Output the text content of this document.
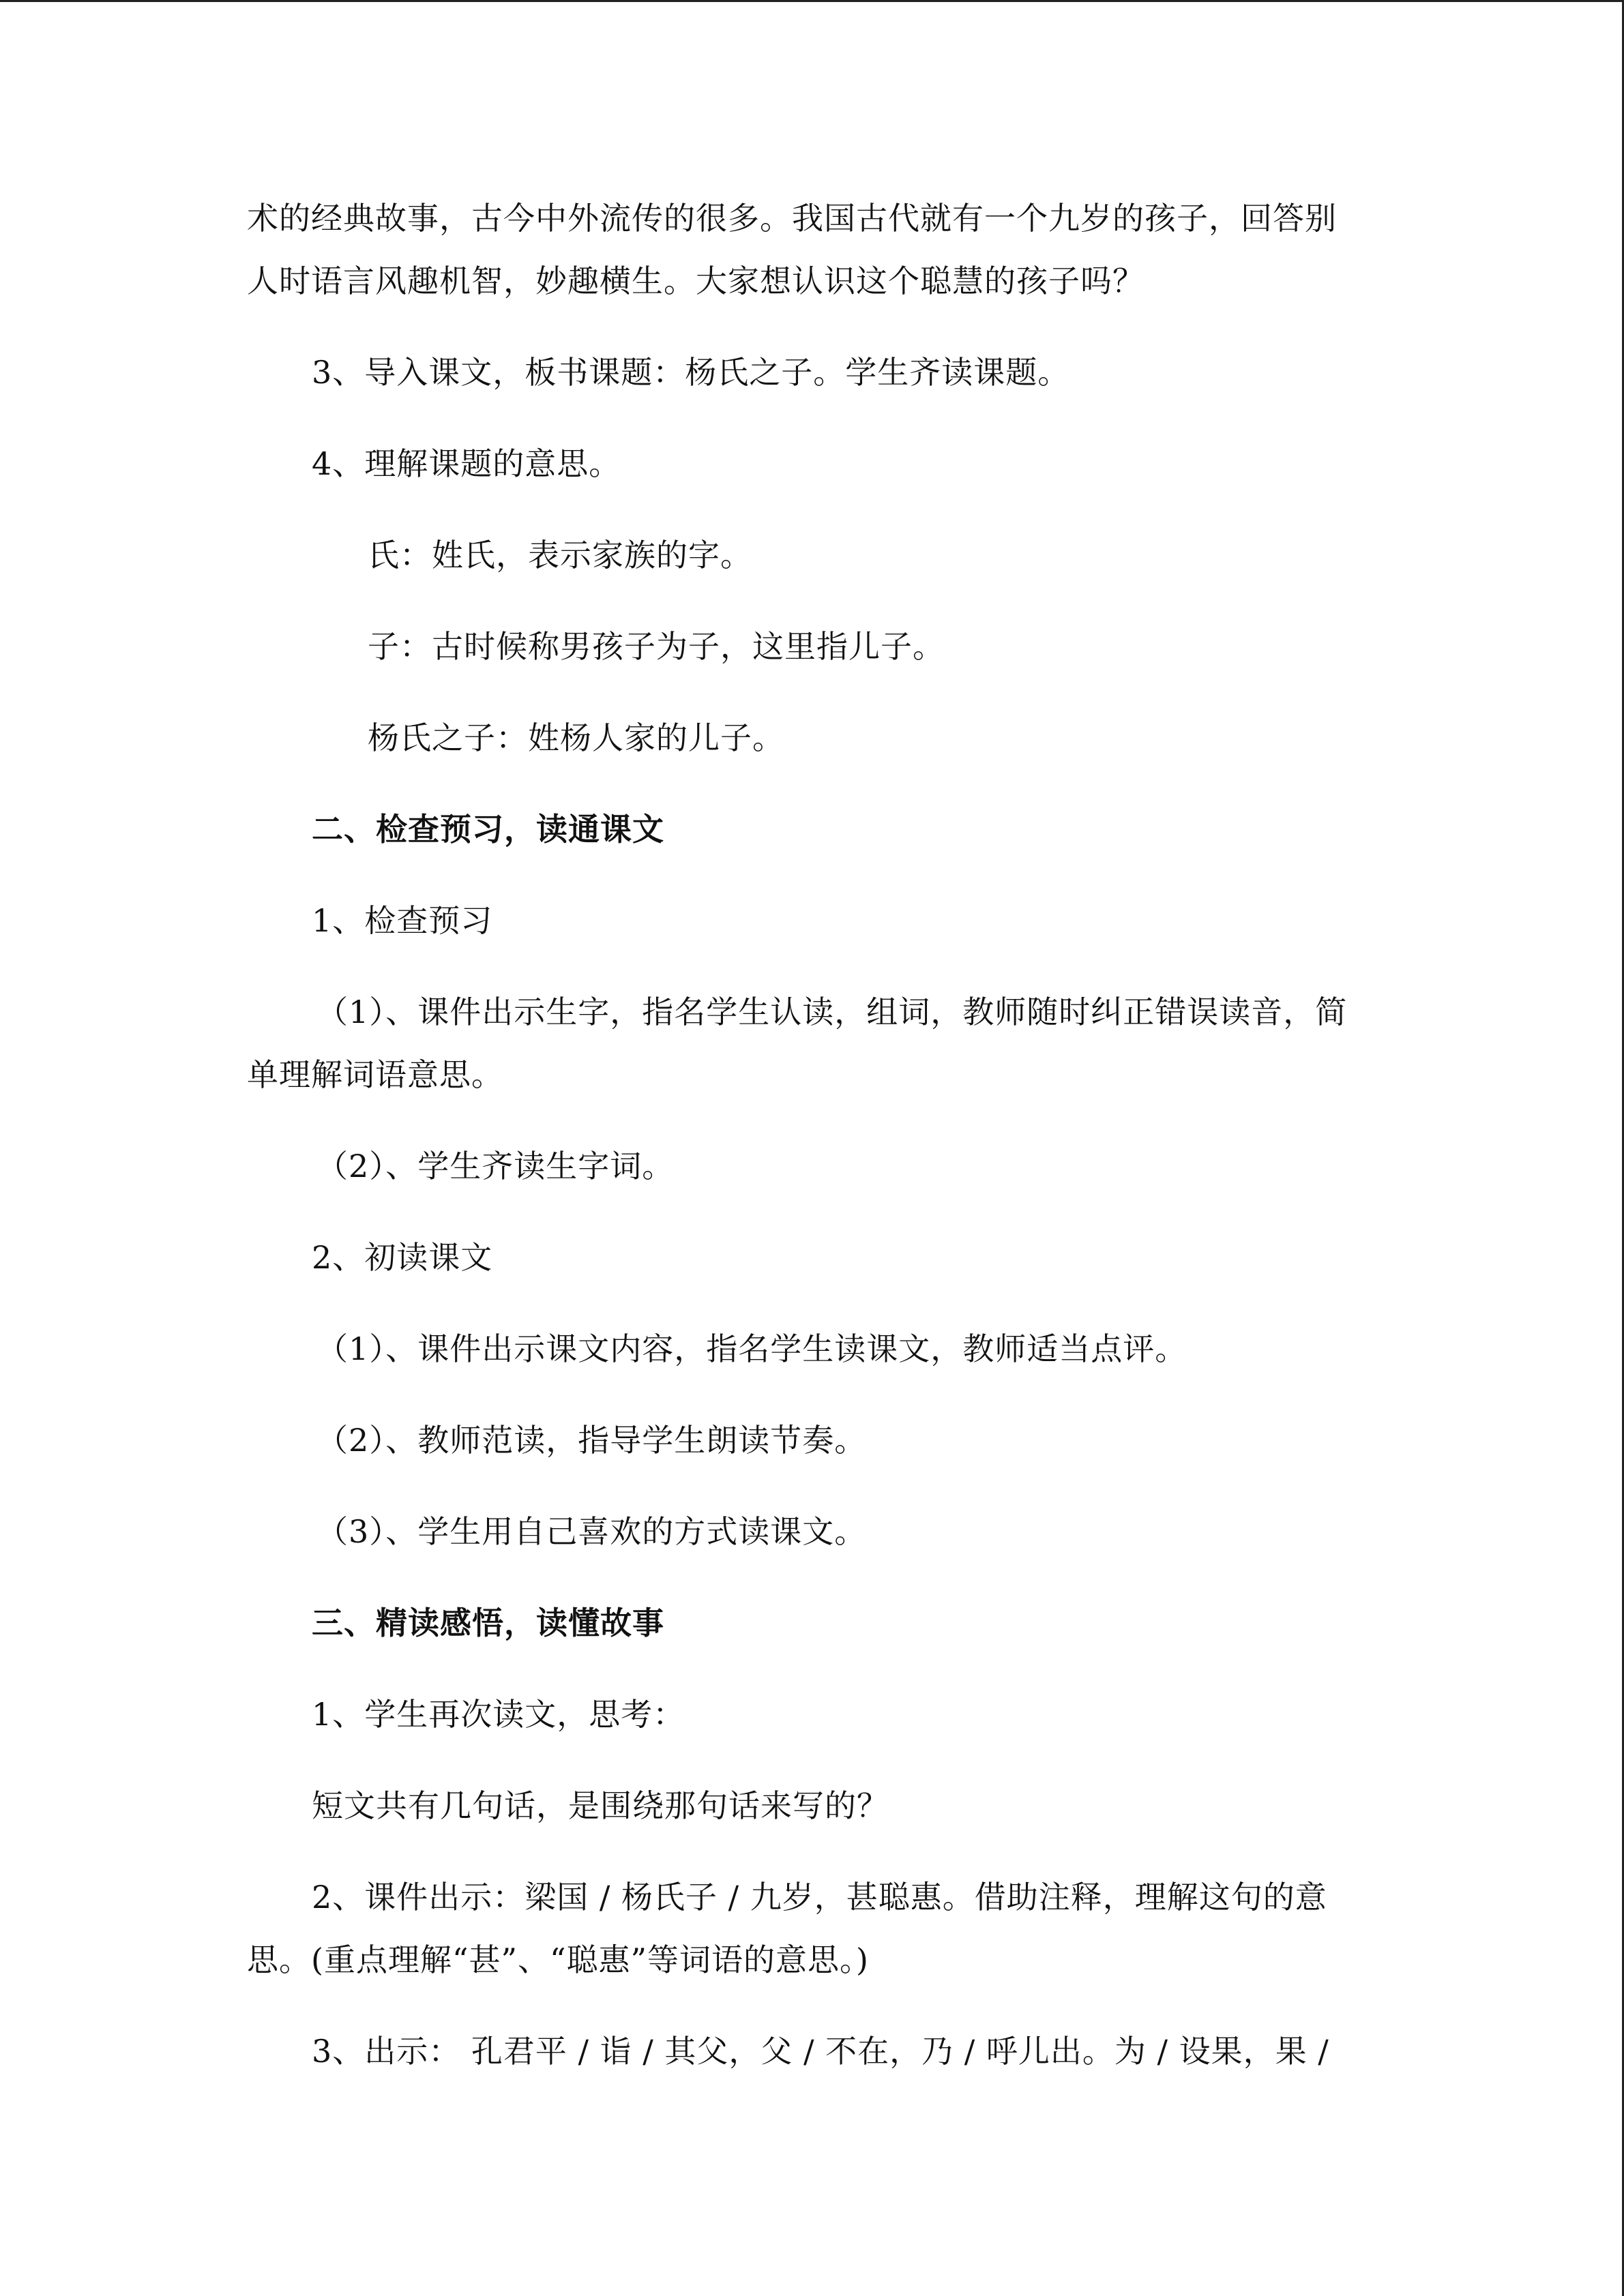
术的经典故事，古今中外流传的很多。我国古代就有一个九岁的孩子，回答别
人时语言风趣机智，妙趣横生。大家想认识这个聪慧的孩子吗？
3、导入课文，板书课题：杨氏之子。学生齐读课题。
4、理解课题的意思。
氏：姓氏，表示家族的字。
子：古时候称男孩子为子，这里指儿子。
杨氏之子：姓杨人家的儿子。
二、检查预习，读通课文
1、检查预习
（1）、课件出示生字，指名学生认读，组词，教师随时纠正错误读音，简
单理解词语意思。
（2）、学生齐读生字词。
2、初读课文
（1）、课件出示课文内容，指名学生读课文，教师适当点评。
（2）、教师范读，指导学生朗读节奏。
（3）、学生用自己喜欢的方式读课文。
三、精读感悟，读懂故事
1、学生再次读文，思考：
短文共有几句话，是围绕那句话来写的？
2、课件出示：梁国 / 杨氏子 / 九岁，甚聪惠。借助注释，理解这句的意
思。(重点理解“甚”、“聪惠”等词语的意思。)
3、出示： 孔君平 / 诣 / 其父，父 / 不在，乃 / 呼儿出。为 / 设果，果 /
